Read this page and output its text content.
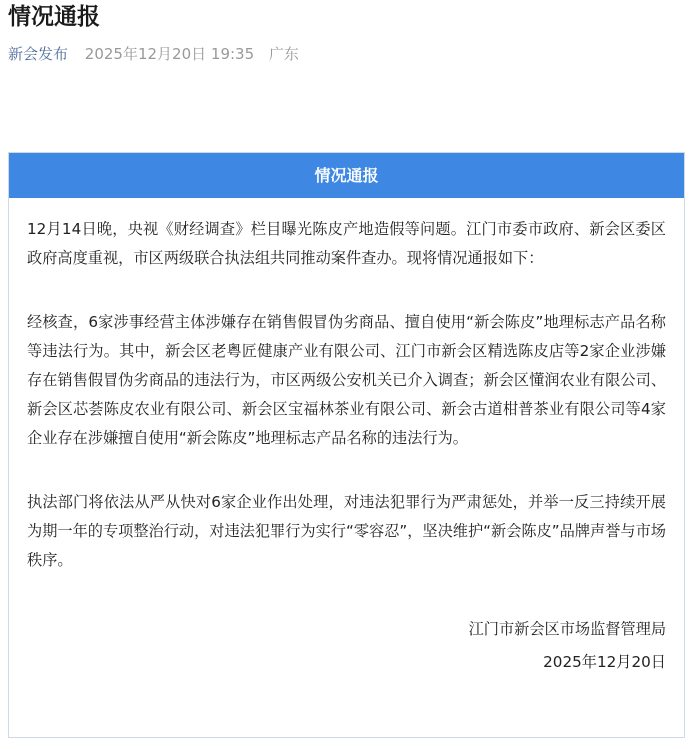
情况通报
新会发布 2025年12月20日 19:35 广东
情况通报

12月14日晚，央视《财经调查》栏目曝光陈皮产地造假等问题。江门市委市政府、新会区委区政府高度重视，市区两级联合执法组共同推动案件查办。现将情况通报如下：

经核查，6家涉事经营主体涉嫌存在销售假冒伪劣商品、擅自使用“新会陈皮”地理标志产品名称等违法行为。其中，新会区老粤匠健康产业有限公司、江门市新会区精选陈皮店等2家企业涉嫌存在销售假冒伪劣商品的违法行为，市区两级公安机关已介入调查；新会区懂润农业有限公司、新会区芯荟陈皮农业有限公司、新会区宝福林茶业有限公司、新会古道柑普茶业有限公司等4家企业存在涉嫌擅自使用“新会陈皮”地理标志产品名称的违法行为。

执法部门将依法从严从快对6家企业作出处理，对违法犯罪行为严肃惩处，并举一反三持续开展为期一年的专项整治行动，对违法犯罪行为实行“零容忍”，坚决维护“新会陈皮”品牌声誉与市场秩序。

江门市新会区市场监督管理局
2025年12月20日
